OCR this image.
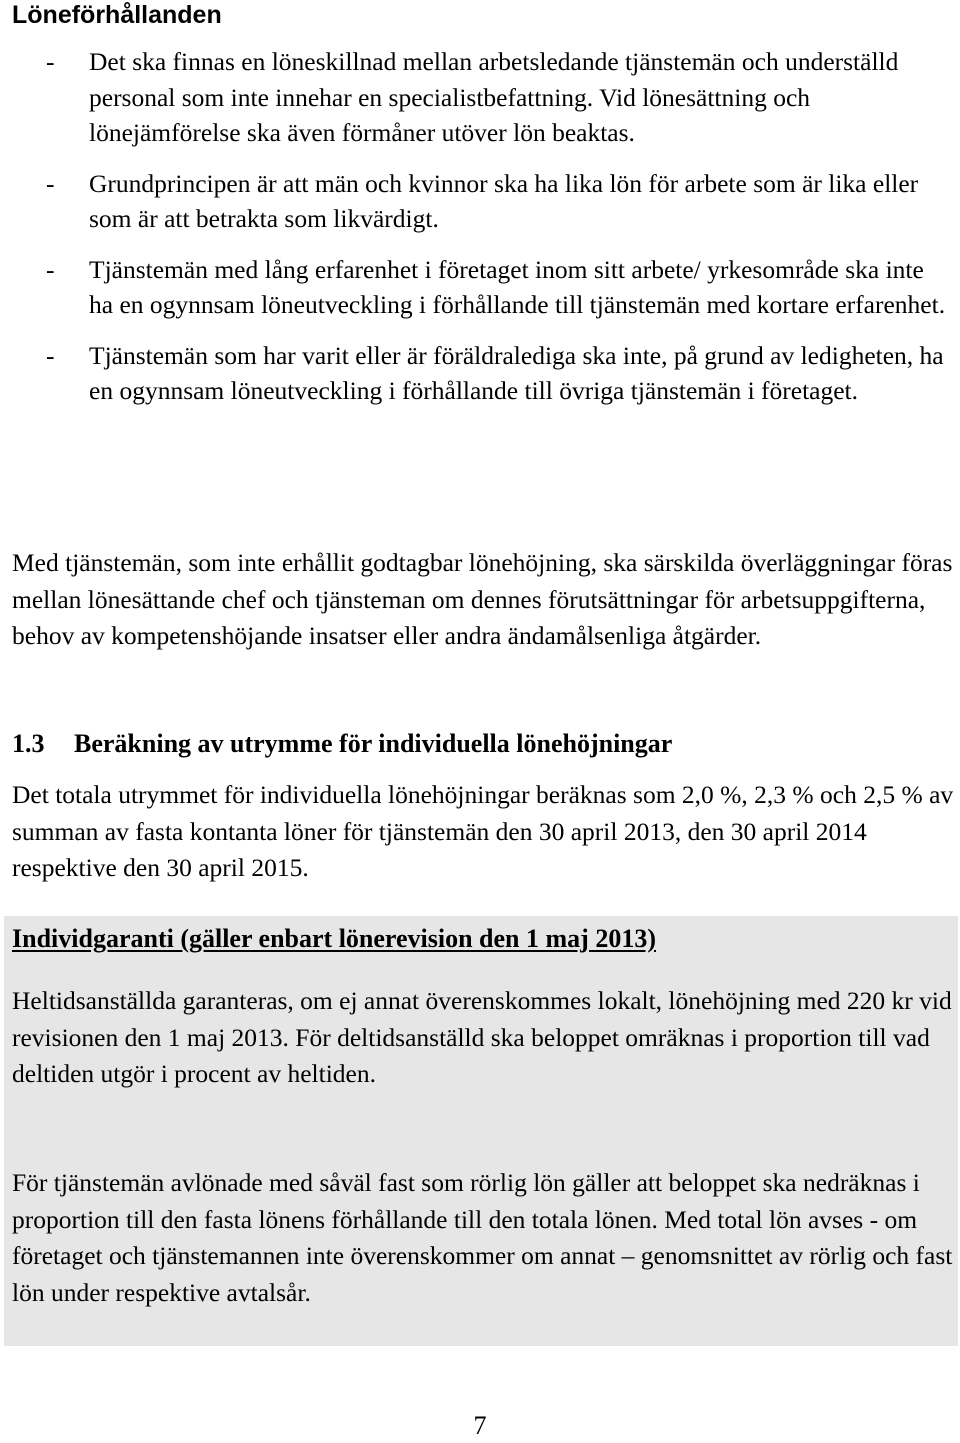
Löneförhållanden
- Det ska finnas en löneskillnad mellan arbetsledande tjänstemän och underställd personal som inte innehar en specialistbefattning. Vid lönesättning och lönejämförelse ska även förmåner utöver lön beaktas.
- Grundprincipen är att män och kvinnor ska ha lika lön för arbete som är lika eller som är att betrakta som likvärdigt.
- Tjänstemän med lång erfarenhet i företaget inom sitt arbete/ yrkesområde ska inte ha en ogynnsam löneutveckling i förhållande till tjänstemän med kortare erfarenhet.
- Tjänstemän som har varit eller är föräldralediga ska inte, på grund av ledigheten, ha en ogynnsam löneutveckling i förhållande till övriga tjänstemän i företaget.

Med tjänstemän, som inte erhållit godtagbar lönehöjning, ska särskilda överläggningar föras mellan lönesättande chef och tjänsteman om dennes förutsättningar för arbetsuppgifterna, behov av kompetenshöjande insatser eller andra ändamålsenliga åtgärder.

1.3 Beräkning av utrymme för individuella lönehöjningar

Det totala utrymmet för individuella lönehöjningar beräknas som 2,0 %, 2,3 % och 2,5 % av summan av fasta kontanta löner för tjänstemän den 30 april 2013, den 30 april 2014 respektive den 30 april 2015.

Individgaranti (gäller enbart lönerevision den 1 maj 2013)

Heltidsanställda garanteras, om ej annat överenskommes lokalt, lönehöjning med 220 kr vid revisionen den 1 maj 2013. För deltidsanställd ska beloppet omräknas i proportion till vad deltiden utgör i procent av heltiden.

För tjänstemän avlönade med såväl fast som rörlig lön gäller att beloppet ska nedräknas i proportion till den fasta lönens förhållande till den totala lönen. Med total lön avses - om företaget och tjänstemannen inte överenskommer om annat – genomsnittet av rörlig och fast lön under respektive avtalsår.

7
